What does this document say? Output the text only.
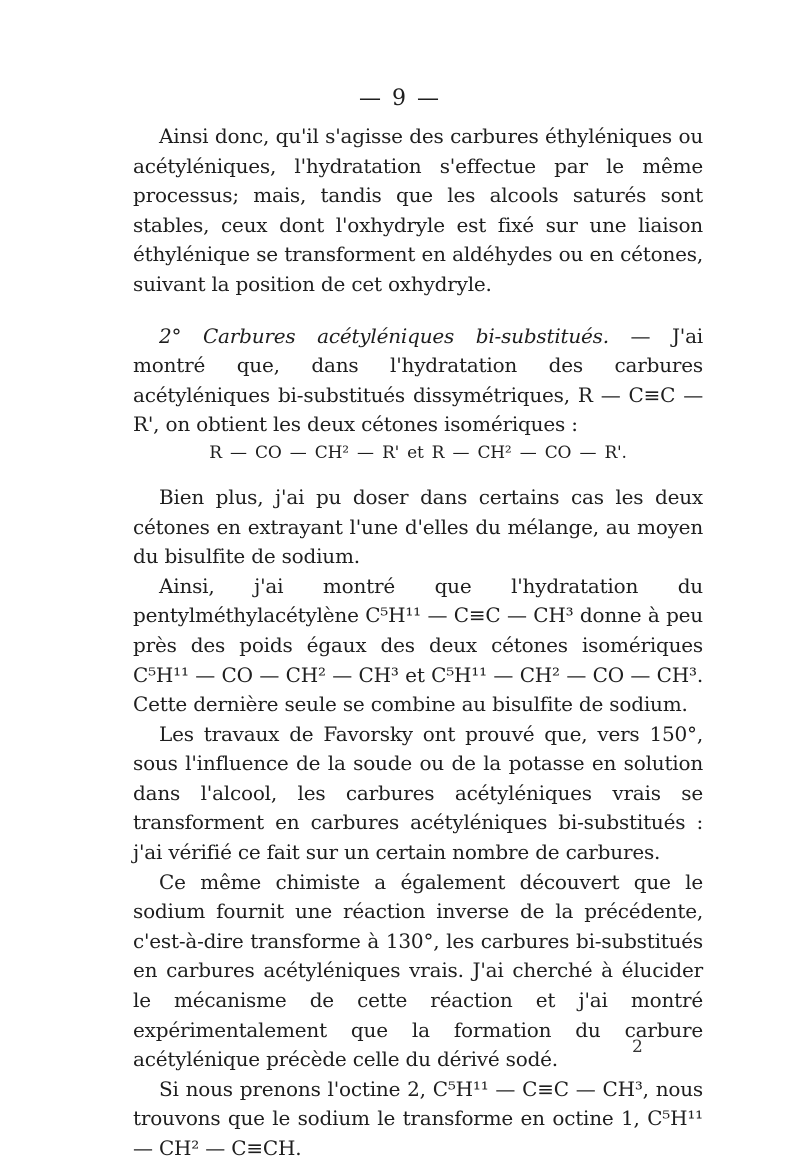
— 9 —

Ainsi donc, qu'il s'agisse des carbures éthyléniques ou acétyléniques, l'hydratation s'effectue par le même processus; mais, tandis que les alcools saturés sont stables, ceux dont l'oxhydryle est fixé sur une liaison éthylénique se transforment en aldéhydes ou en cétones, suivant la position de cet oxhydryle.

2° Carbures acétyléniques bi-substitués. — J'ai montré que, dans l'hydratation des carbures acétyléniques bi-substitués dissymétriques, R — C≡C — R', on obtient les deux cétones isomériques :

R — CO — CH² — R' et R — CH² — CO — R'.

Bien plus, j'ai pu doser dans certains cas les deux cétones en extrayant l'une d'elles du mélange, au moyen du bisulfite de sodium.

Ainsi, j'ai montré que l'hydratation du pentylméthylacétylène C⁵H¹¹ — C≡C — CH³ donne à peu près des poids égaux des deux cétones isomériques C⁵H¹¹ — CO — CH² — CH³ et C⁵H¹¹ — CH² — CO — CH³. Cette dernière seule se combine au bisulfite de sodium.

Les travaux de Favorsky ont prouvé que, vers 150°, sous l'influence de la soude ou de la potasse en solution dans l'alcool, les carbures acétyléniques vrais se transforment en carbures acétyléniques bi-substitués : j'ai vérifié ce fait sur un certain nombre de carbures.

Ce même chimiste a également découvert que le sodium fournit une réaction inverse de la précédente, c'est-à-dire transforme à 130°, les carbures bi-substitués en carbures acétyléniques vrais. J'ai cherché à élucider le mécanisme de cette réaction et j'ai montré expérimentalement que la formation du carbure acétylénique précède celle du dérivé sodé.

Si nous prenons l'octine 2, C⁵H¹¹ — C≡C — CH³, nous trouvons que le sodium le transforme en octine 1, C⁵H¹¹ — CH² — C≡CH.

2
